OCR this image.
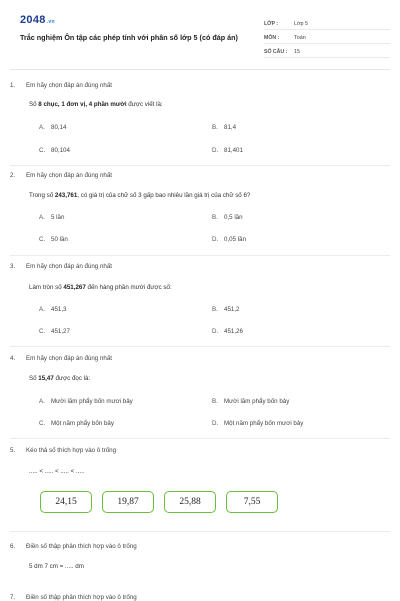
2048.vn
Trắc nghiệm Ôn tập các phép tính với phân số lớp 5 (có đáp án)
LỚP :	Lớp 5
MÔN :	Toán
SỐ CÂU :	15
1. Em hãy chọn đáp án đúng nhất
Số 8 chục, 1 đơn vị, 4 phần mười được viết là:
A. 80,14	B. 81,4
C. 80,104	D. 81,401
2. Em hãy chọn đáp án đúng nhất
Trong số 243,761, có giá trị của chữ số 3 gấp bao nhiêu lần giá trị của chữ số 6?
A. 5 lần	B. 0,5 lần
C. 50 lần	D. 0,05 lần
3. Em hãy chọn đáp án đúng nhất
Làm tròn số 451,267 đến hàng phần mười được số:
A. 451,3	B. 451,2
C. 451,27	D. 451,26
4. Em hãy chọn đáp án đúng nhất
Số 15,47 được đọc là:
A. Mười lăm phẩy bốn mươi bảy	B. Mười lăm phẩy bốn bảy
C. Một năm phẩy bốn bảy	D. Một năm phẩy bốn mươi bảy
5. Kéo thả số thích hợp vào ô trống
..... < ..... < ..... < .....
24,15	19,87	25,88	7,55
6. Điền số thập phân thích hợp vào ô trống
5 dm 7 cm = ..... dm
7. Điền số thập phân thích hợp vào ô trống
